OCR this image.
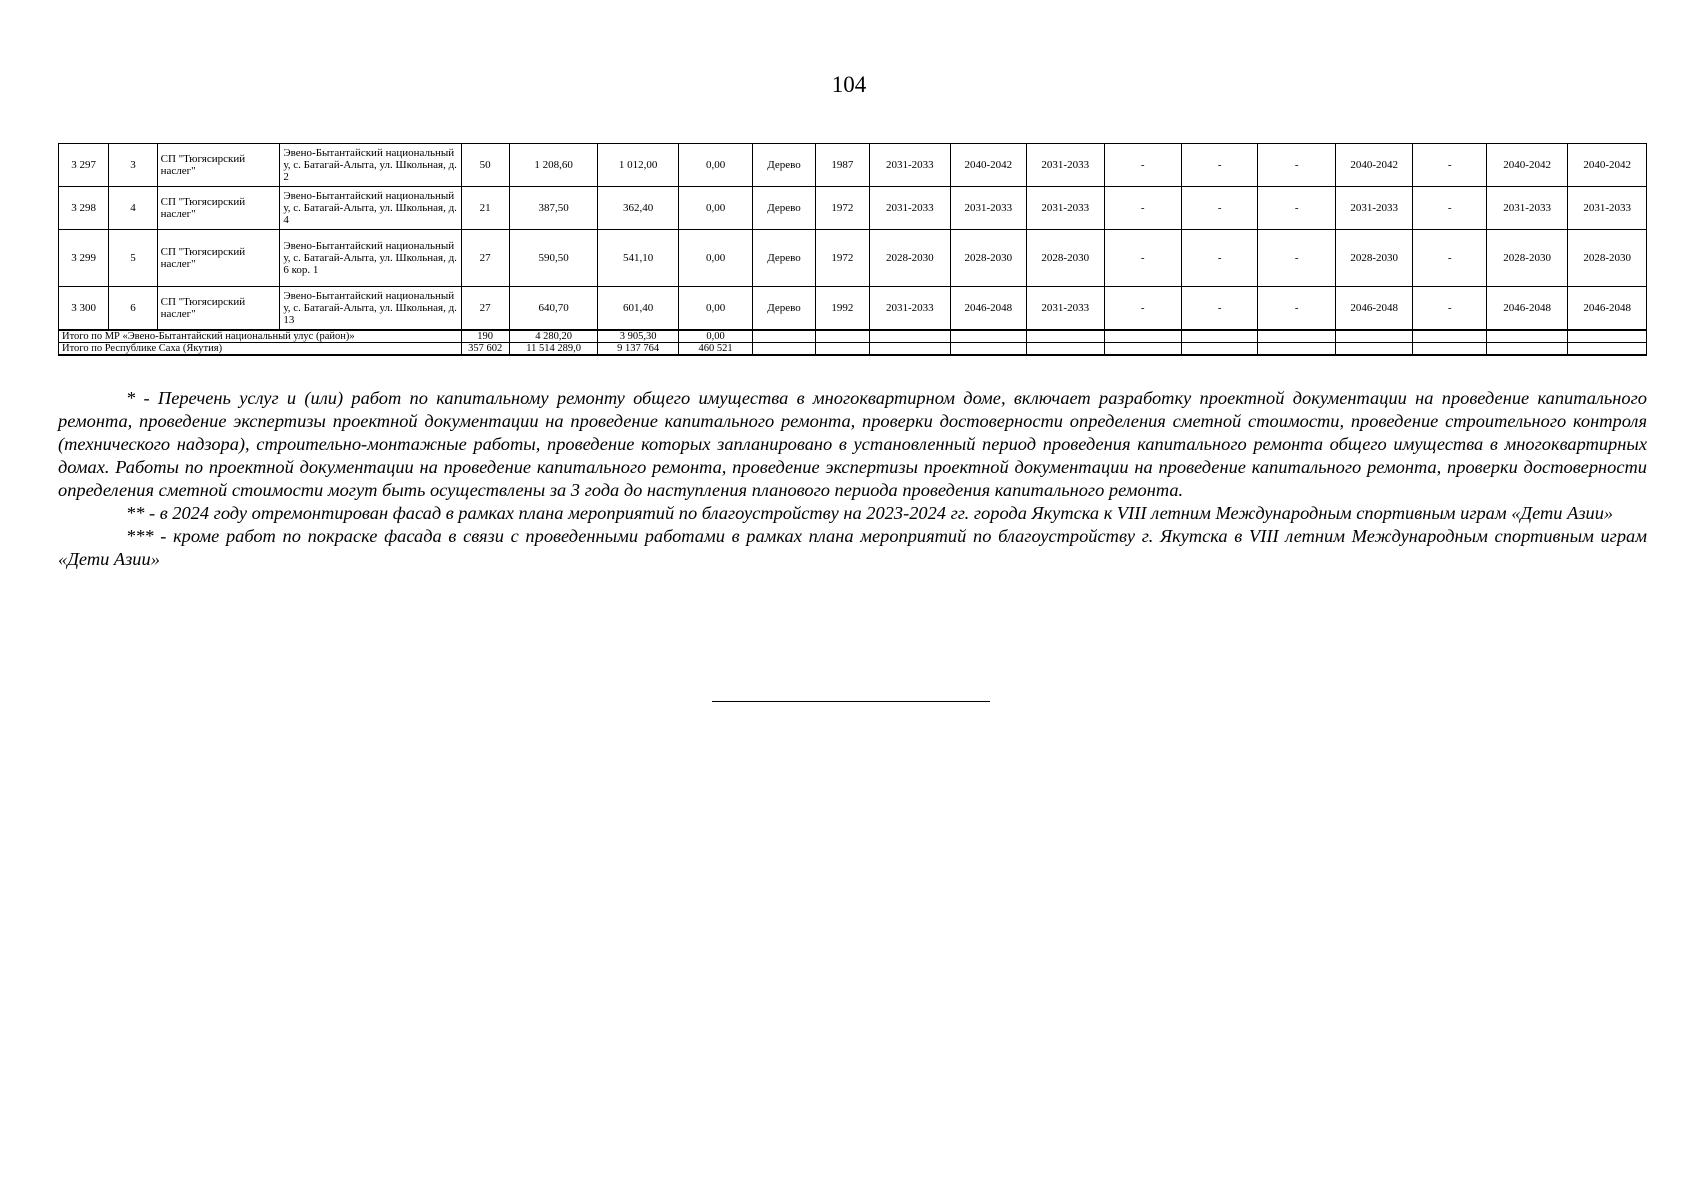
104
3 297	3	СП "Тюгясирский наслег"	Эвено-Бытантайский национальный у, с. Батагай-Алыта, ул. Школьная, д. 2	50	1 208,60	1 012,00	0,00	Дерево	1987	2031-2033	2040-2042	2031-2033	-	-	-	2040-2042	-	2040-2042	2040-2042
3 298	4	СП "Тюгясирский наслег"	Эвено-Бытантайский национальный у, с. Батагай-Алыта, ул. Школьная, д. 4	21	387,50	362,40	0,00	Дерево	1972	2031-2033	2031-2033	2031-2033	-	-	-	2031-2033	-	2031-2033	2031-2033
3 299	5	СП "Тюгясирский наслег"	Эвено-Бытантайский национальный у, с. Батагай-Алыта, ул. Школьная, д. 6 кор. 1	27	590,50	541,10	0,00	Дерево	1972	2028-2030	2028-2030	2028-2030	-	-	-	2028-2030	-	2028-2030	2028-2030
3 300	6	СП "Тюгясирский наслег"	Эвено-Бытантайский национальный у, с. Батагай-Алыта, ул. Школьная, д. 13	27	640,70	601,40	0,00	Дерево	1992	2031-2033	2046-2048	2031-2033	-	-	-	2046-2048	-	2046-2048	2046-2048
Итого по МР «Эвено-Бытантайский национальный улус (район)»				190	4 280,20	3 905,30	0,00												
Итого по Республике Саха (Якутия)				357 602	11 514 289,0	9 137 764	460 521												

* - Перечень услуг и (или) работ по капитальному ремонту общего имущества в многоквартирном доме, включает разработку проектной документации на проведение капитального ремонта, проведение экспертизы проектной документации на проведение капитального ремонта, проверки достоверности определения сметной стоимости, проведение строительного контроля (технического надзора), строительно-монтажные работы, проведение которых запланировано в установленный период проведения капитального ремонта общего имущества в многоквартирных домах. Работы по проектной документации на проведение капитального ремонта, проведение экспертизы проектной документации на проведение капитального ремонта, проверки достоверности определения сметной стоимости могут быть осуществлены за 3 года до наступления планового периода проведения капитального ремонта.

** - в 2024 году отремонтирован фасад в рамках плана мероприятий по благоустройству на 2023-2024 гг. города Якутска к VIII летним Международным спортивным играм «Дети Азии»

*** - кроме работ по покраске фасада в связи с проведенными работами в рамках плана мероприятий по благоустройству г. Якутска в VIII летним Международным спортивным играм «Дети Азии»
